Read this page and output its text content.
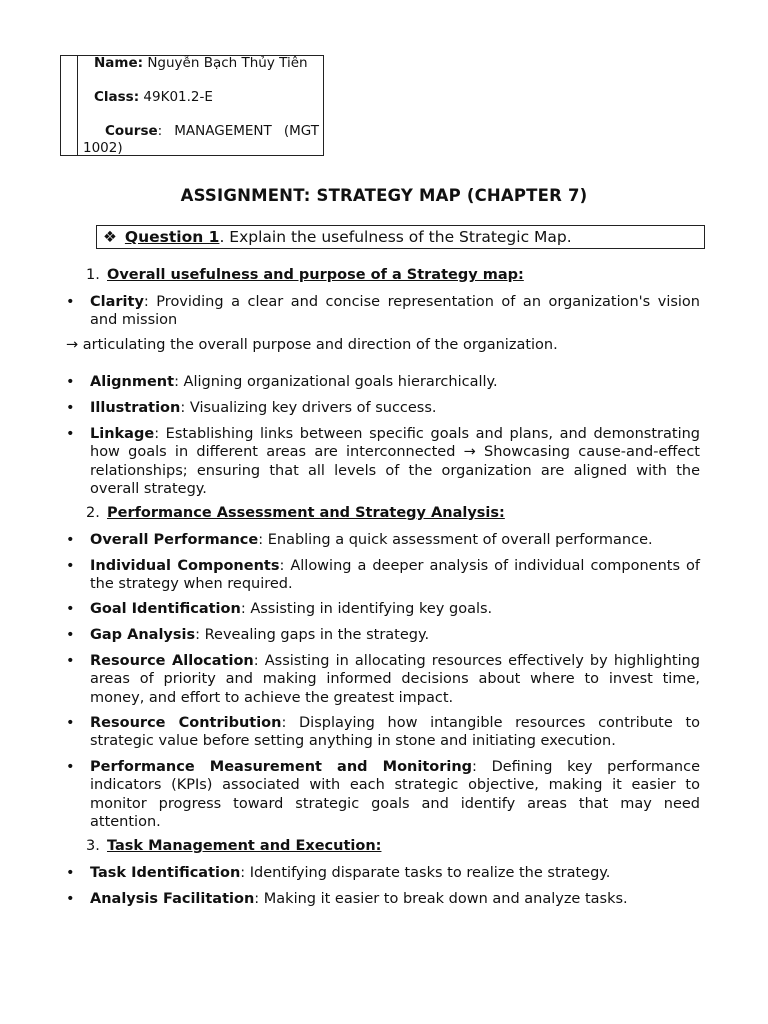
Name: Nguyễn Bạch Thủy Tiên
Class: 49K01.2-E
Course: MANAGEMENT (MGT
1002)
ASSIGNMENT: STRATEGY MAP (CHAPTER 7)
❖ Question 1. Explain the usefulness of the Strategic Map.
1. Overall usefulness and purpose of a Strategy map:
•	Clarity: Providing a clear and concise representation of an organization's vision and mission
→ articulating the overall purpose and direction of the organization.
•	Alignment: Aligning organizational goals hierarchically.
•	Illustration: Visualizing key drivers of success.
•	Linkage: Establishing links between specific goals and plans, and demonstrating how goals in different areas are interconnected → Showcasing cause-and-effect relationships; ensuring that all levels of the organization are aligned with the overall strategy.
2. Performance Assessment and Strategy Analysis:
•	Overall Performance: Enabling a quick assessment of overall performance.
•	Individual Components: Allowing a deeper analysis of individual components of the strategy when required.
•	Goal Identification: Assisting in identifying key goals.
•	Gap Analysis: Revealing gaps in the strategy.
•	Resource Allocation: Assisting in allocating resources effectively by highlighting areas of priority and making informed decisions about where to invest time, money, and effort to achieve the greatest impact.
•	Resource Contribution: Displaying how intangible resources contribute to strategic value before setting anything in stone and initiating execution.
•	Performance Measurement and Monitoring: Defining key performance indicators (KPIs) associated with each strategic objective, making it easier to monitor progress toward strategic goals and identify areas that may need attention.
3. Task Management and Execution:
•	Task Identification: Identifying disparate tasks to realize the strategy.
•	Analysis Facilitation: Making it easier to break down and analyze tasks.
